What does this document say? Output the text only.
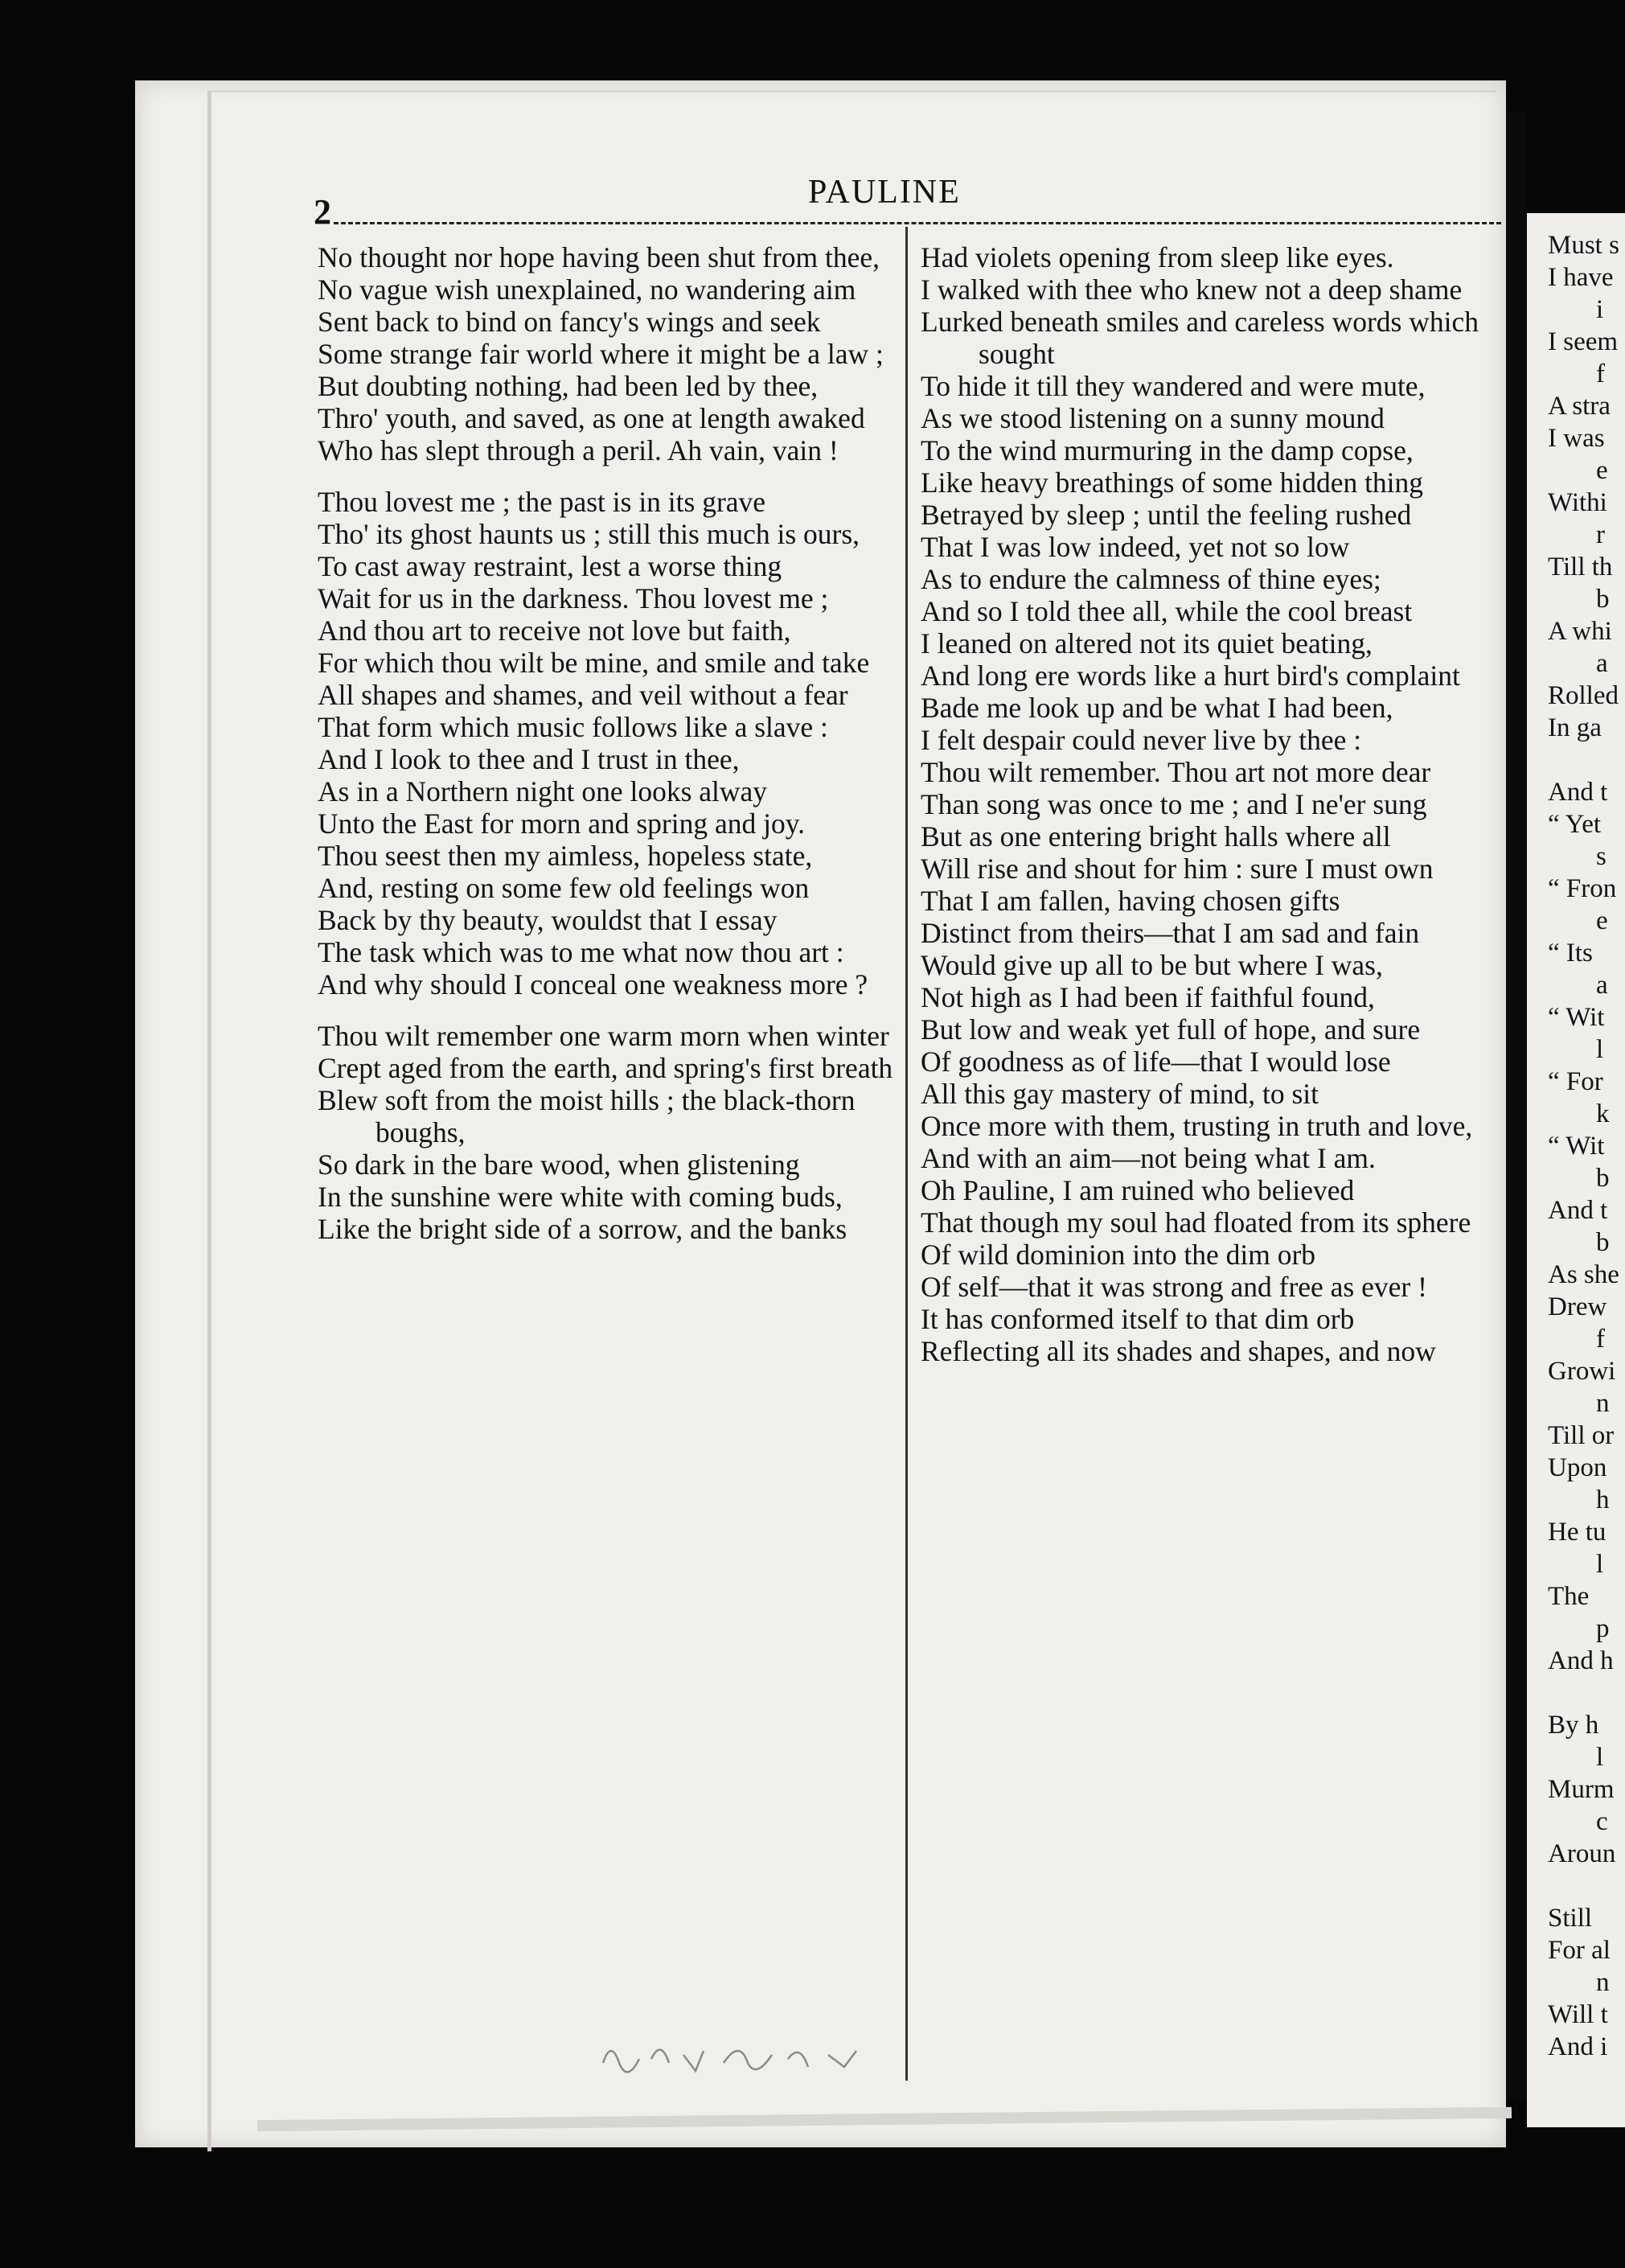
Must s
I have
i
I seem
f
A stra
I was
e
Withi
r
Till th
b
A whi
a
Rolled
In ga
And t
“ Yet
s
“ Fron
e
“ Its
a
“ Wit
l
“ For
k
“ Wit
b
And t
b
As she
Drew
f
Growi
n
Till or
Upon
h
He tu
l
The
p
And h
By h
l
Murm
c
Aroun
Still
For al
n
Will t
And i
2	PAULINE
No thought nor hope having been shut from thee,
No vague wish unexplained, no wandering aim
Sent back to bind on fancy's wings and seek
Some strange fair world where it might be a law ;
But doubting nothing, had been led by thee,
Thro' youth, and saved, as one at length awaked
Who has slept through a peril. Ah vain, vain !
Thou lovest me ; the past is in its grave
Tho' its ghost haunts us ; still this much is ours,
To cast away restraint, lest a worse thing
Wait for us in the darkness. Thou lovest me ;
And thou art to receive not love but faith,
For which thou wilt be mine, and smile and take
All shapes and shames, and veil without a fear
That form which music follows like a slave :
And I look to thee and I trust in thee,
As in a Northern night one looks alway
Unto the East for morn and spring and joy.
Thou seest then my aimless, hopeless state,
And, resting on some few old feelings won
Back by thy beauty, wouldst that I essay
The task which was to me what now thou art :
And why should I conceal one weakness more ?
Thou wilt remember one warm morn when winter
Crept aged from the earth, and spring's first breath
Blew soft from the moist hills ; the black-thorn boughs,
So dark in the bare wood, when glistening
In the sunshine were white with coming buds,
Like the bright side of a sorrow, and the banks
Had violets opening from sleep like eyes.
I walked with thee who knew not a deep shame
Lurked beneath smiles and careless words which sought
To hide it till they wandered and were mute,
As we stood listening on a sunny mound
To the wind murmuring in the damp copse,
Like heavy breathings of some hidden thing
Betrayed by sleep ; until the feeling rushed
That I was low indeed, yet not so low
As to endure the calmness of thine eyes;
And so I told thee all, while the cool breast
I leaned on altered not its quiet beating,
And long ere words like a hurt bird's complaint
Bade me look up and be what I had been,
I felt despair could never live by thee :
Thou wilt remember. Thou art not more dear
Than song was once to me ; and I ne'er sung
But as one entering bright halls where all
Will rise and shout for him : sure I must own
That I am fallen, having chosen gifts
Distinct from theirs—that I am sad and fain
Would give up all to be but where I was,
Not high as I had been if faithful found,
But low and weak yet full of hope, and sure
Of goodness as of life—that I would lose
All this gay mastery of mind, to sit
Once more with them, trusting in truth and love,
And with an aim—not being what I am.
Oh Pauline, I am ruined who believed
That though my soul had floated from its sphere
Of wild dominion into the dim orb
Of self—that it was strong and free as ever !
It has conformed itself to that dim orb
Reflecting all its shades and shapes, and now
